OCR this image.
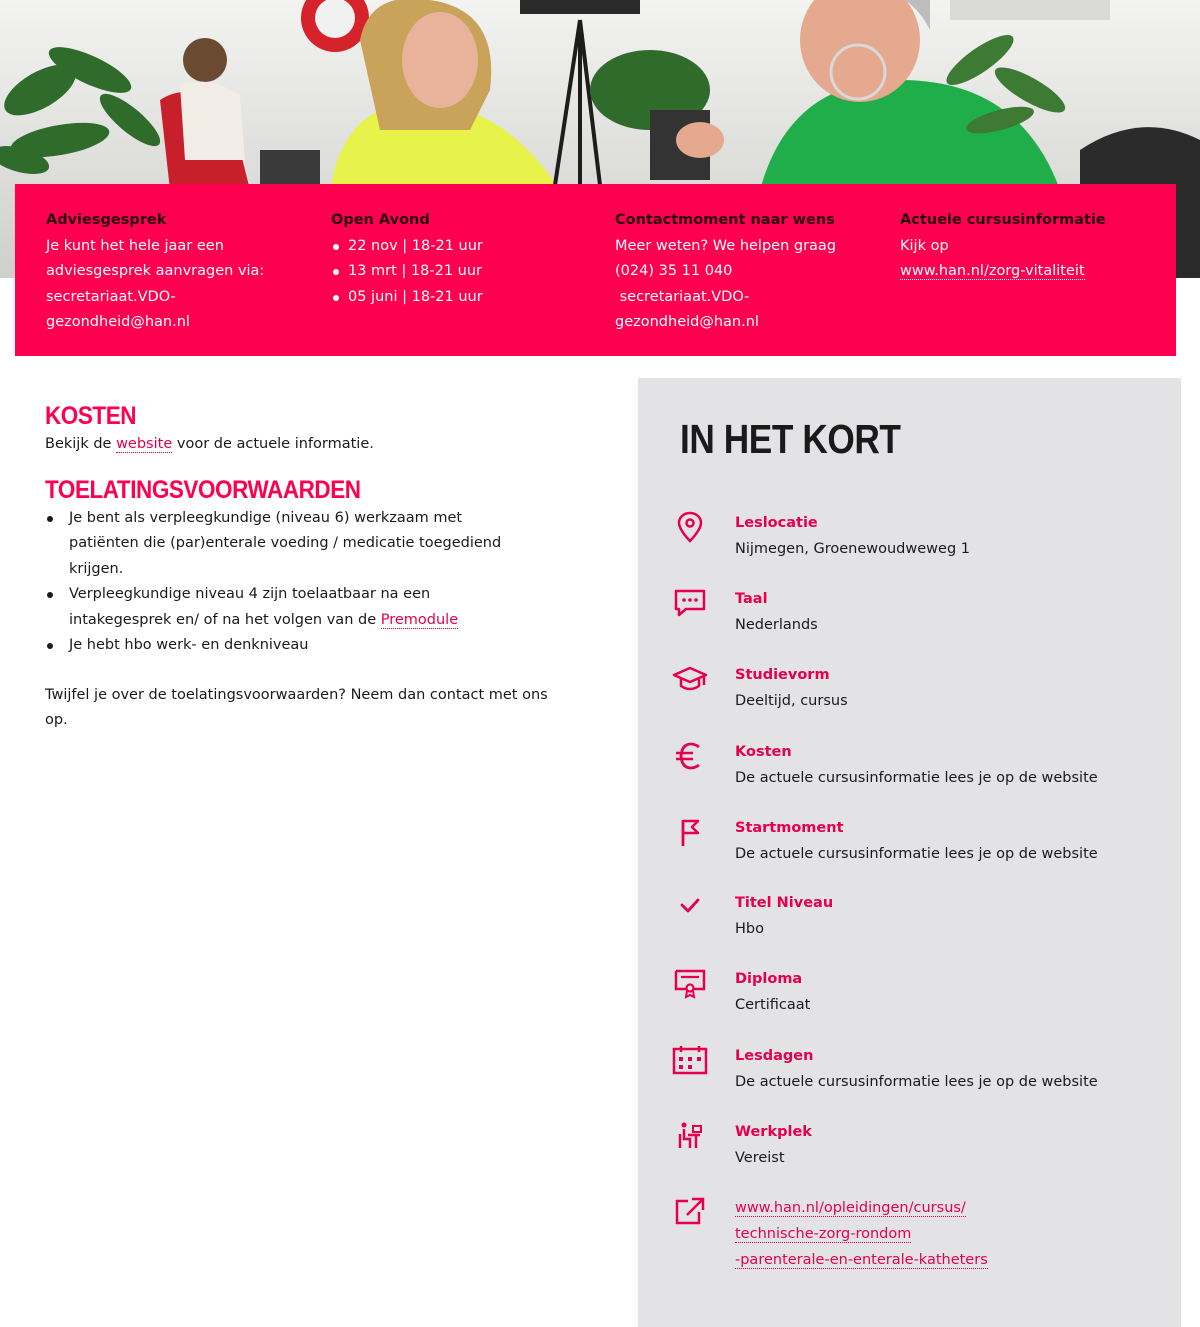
Adviesgesprek

Je kunt het hele jaar een

adviesgesprek aanvragen via:

secretariaat.VDO-

gezondheid@han.nl

Open Avond
22 nov | 18-21 uur
13 mrt | 18-21 uur
05 juni | 18-21 uur
Contactmoment naar wens

Meer weten? We helpen graag

(024) 35 11 040

secretariaat.VDO-

gezondheid@han.nl

Actuele cursusinformatie

Kijk op

www.han.nl/zorg-vitaliteit

KOSTEN

Bekijk de website voor de actuele informatie.

TOELATINGSVOORWAARDEN
Je bent als verpleegkundige (niveau 6) werkzaam met patiënten die (par)enterale voeding / medicatie toegediend krijgen.
Verpleegkundige niveau 4 zijn toelaatbaar na een intakegesprek en/ of na het volgen van de Premodule
Je hebt hbo werk- en denkniveau

Twijfel je over de toelatingsvoorwaarden? Neem dan contact met ons op.

IN HET KORT
Leslocatie
Nijmegen, Groenewoudweweg 1
Taal
Nederlands
Studievorm
Deeltijd, cursus
Kosten
De actuele cursusinformatie lees je op de website
Startmoment
De actuele cursusinformatie lees je op de website
Titel Niveau
Hbo
Diploma
Certificaat
Lesdagen
De actuele cursusinformatie lees je op de website
Werkplek
Vereist
www.han.nl/opleidingen/cursus/
technische-zorg-rondom
-parenterale-en-enterale-katheters
